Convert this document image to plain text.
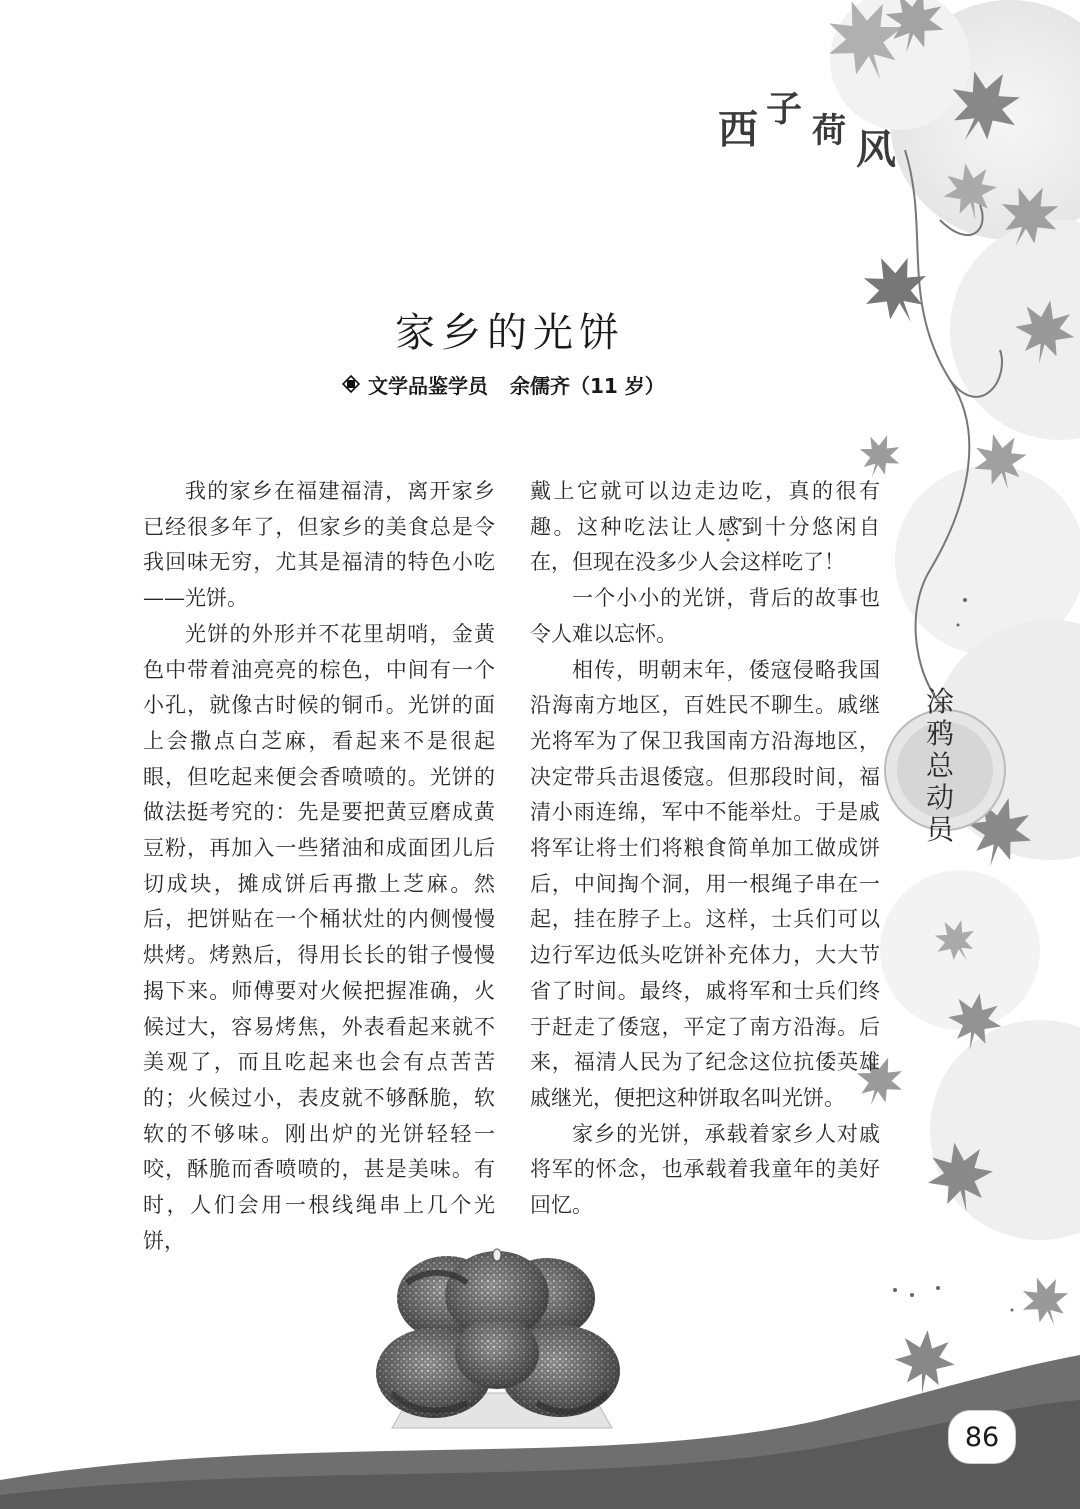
西 子
荷 风
家乡的光饼
文学品鉴学员 余儒齐（11 岁）

我的家乡在福建福清，离开家乡已经很多年了，但家乡的美食总是令我回味无穷，尤其是福清的特色小吃——光饼。

光饼的外形并不花里胡哨，金黄色中带着油亮亮的棕色，中间有一个小孔，就像古时候的铜币。光饼的面上会撒点白芝麻，看起来不是很起眼，但吃起来便会香喷喷的。光饼的做法挺考究的：先是要把黄豆磨成黄豆粉，再加入一些猪油和成面团儿后切成块，摊成饼后再撒上芝麻。然后，把饼贴在一个桶状灶的内侧慢慢烘烤。烤熟后，得用长长的钳子慢慢揭下来。师傅要对火候把握准确，火候过大，容易烤焦，外表看起来就不美观了，而且吃起来也会有点苦苦的；火候过小，表皮就不够酥脆，软软的不够味。刚出炉的光饼轻轻一咬，酥脆而香喷喷的，甚是美味。有时，人们会用一根线绳串上几个光饼，

戴上它就可以边走边吃，真的很有趣。这种吃法让人感到十分悠闲自在，但现在没多少人会这样吃了！

一个小小的光饼，背后的故事也令人难以忘怀。

相传，明朝末年，倭寇侵略我国沿海南方地区，百姓民不聊生。戚继光将军为了保卫我国南方沿海地区，决定带兵击退倭寇。但那段时间，福清小雨连绵，军中不能举灶。于是戚将军让将士们将粮食简单加工做成饼后，中间掏个洞，用一根绳子串在一起，挂在脖子上。这样，士兵们可以边行军边低头吃饼补充体力，大大节省了时间。最终，戚将军和士兵们终于赶走了倭寇，平定了南方沿海。后来，福清人民为了纪念这位抗倭英雄戚继光，便把这种饼取名叫光饼。

家乡的光饼，承载着家乡人对戚将军的怀念，也承载着我童年的美好回忆。

涂
鸦
总
动
员
86
